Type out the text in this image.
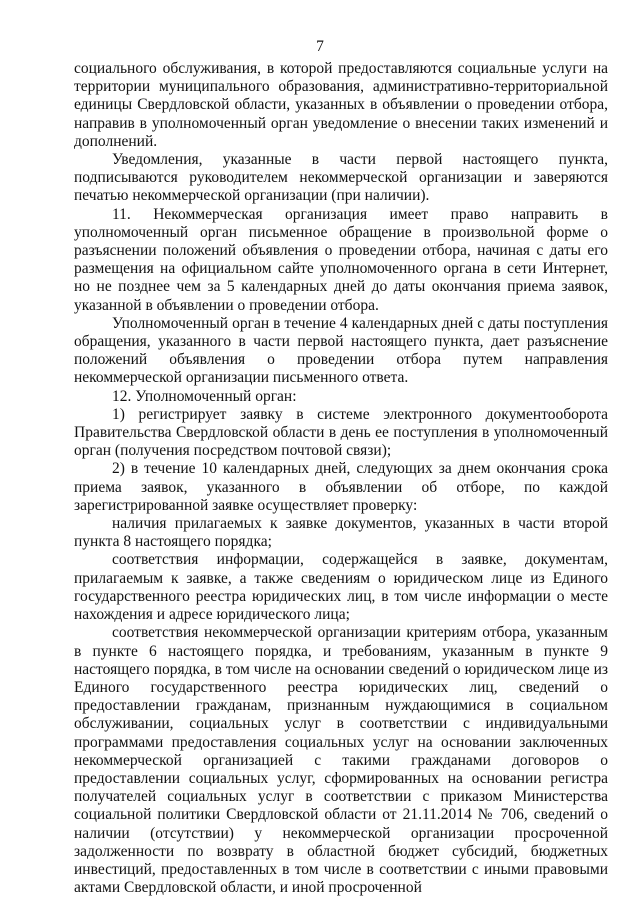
7

социального обслуживания, в которой предоставляются социальные услуги на территории муниципального образования, административно-территориальной единицы Свердловской области, указанных в объявлении о проведении отбора, направив в уполномоченный орган уведомление о внесении таких изменений и дополнений.

Уведомления, указанные в части первой настоящего пункта, подписываются руководителем некоммерческой организации и заверяются печатью некоммерческой организации (при наличии).

11. Некоммерческая организация имеет право направить в уполномоченный орган письменное обращение в произвольной форме о разъяснении положений объявления о проведении отбора, начиная с даты его размещения на официальном сайте уполномоченного органа в сети Интернет, но не позднее чем за 5 календарных дней до даты окончания приема заявок, указанной в объявлении о проведении отбора.

Уполномоченный орган в течение 4 календарных дней с даты поступления обращения, указанного в части первой настоящего пункта, дает разъяснение положений объявления о проведении отбора путем направления некоммерческой организации письменного ответа.

12. Уполномоченный орган:

1) регистрирует заявку в системе электронного документооборота Правительства Свердловской области в день ее поступления в уполномоченный орган (получения посредством почтовой связи);

2) в течение 10 календарных дней, следующих за днем окончания срока приема заявок, указанного в объявлении об отборе, по каждой зарегистрированной заявке осуществляет проверку:

наличия прилагаемых к заявке документов, указанных в части второй пункта 8 настоящего порядка;

соответствия информации, содержащейся в заявке, документам, прилагаемым к заявке, а также сведениям о юридическом лице из Единого государственного реестра юридических лиц, в том числе информации о месте нахождения и адресе юридического лица;

соответствия некоммерческой организации критериям отбора, указанным в пункте 6 настоящего порядка, и требованиям, указанным в пункте 9 настоящего порядка, в том числе на основании сведений о юридическом лице из Единого государственного реестра юридических лиц, сведений о предоставлении гражданам, признанным нуждающимися в социальном обслуживании, социальных услуг в соответствии с индивидуальными программами предоставления социальных услуг на основании заключенных некоммерческой организацией с такими гражданами договоров о предоставлении социальных услуг, сформированных на основании регистра получателей социальных услуг в соответствии с приказом Министерства социальной политики Свердловской области от 21.11.2014 № 706, сведений о наличии (отсутствии) у некоммерческой организации просроченной задолженности по возврату в областной бюджет субсидий, бюджетных инвестиций, предоставленных в том числе в соответствии с иными правовыми актами Свердловской области, и иной просроченной
